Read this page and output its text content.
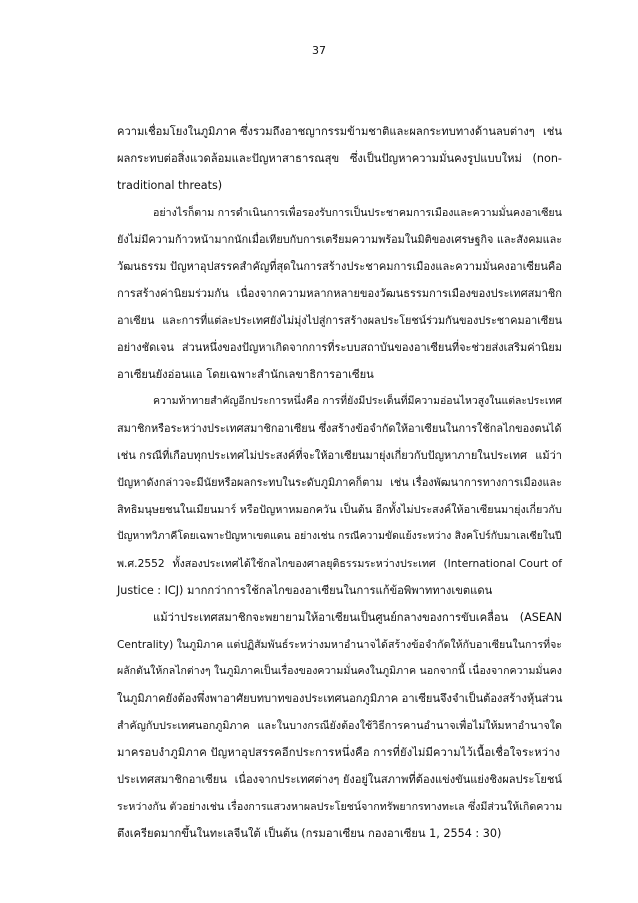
37
ความเชื่อมโยงในภูมิภาค ซึ่งรวมถึงอาชญากรรมข้ามชาติและผลกระทบทางด้านลบต่างๆ เช่น
ผลกระทบต่อสิ่งแวดล้อมและปัญหาสาธารณสุข ซึ่งเป็นปัญหาความมั่นคงรูปแบบใหม่ (non-
traditional threats)
อย่างไรก็ตาม การดำเนินการเพื่อรองรับการเป็นประชาคมการเมืองและความมั่นคงอาเซียน
ยังไม่มีความก้าวหน้ามากนักเมื่อเทียบกับการเตรียมความพร้อมในมิติของเศรษฐกิจ และสังคมและ
วัฒนธรรม ปัญหาอุปสรรคสำคัญที่สุดในการสร้างประชาคมการเมืองและความมั่นคงอาเซียนคือ
การสร้างค่านิยมร่วมกัน เนื่องจากความหลากหลายของวัฒนธรรมการเมืองของประเทศสมาชิก
อาเซียน และการที่แต่ละประเทศยังไม่มุ่งไปสู่การสร้างผลประโยชน์ร่วมกันของประชาคมอาเซียน
อย่างชัดเจน ส่วนหนึ่งของปัญหาเกิดจากการที่ระบบสถาบันของอาเซียนที่จะช่วยส่งเสริมค่านิยม
อาเซียนยังอ่อนแอ โดยเฉพาะสำนักเลขาธิการอาเซียน
ความท้าทายสำคัญอีกประการหนึ่งคือ การที่ยังมีประเด็นที่มีความอ่อนไหวสูงในแต่ละประเทศ
สมาชิกหรือระหว่างประเทศสมาชิกอาเซียน ซึ่งสร้างข้อจำกัดให้อาเซียนในการใช้กลไกของตนได้
เช่น กรณีที่เกือบทุกประเทศไม่ประสงค์ที่จะให้อาเซียนมายุ่งเกี่ยวกับปัญหาภายในประเทศ แม้ว่า
ปัญหาดังกล่าวจะมีนัยหรือผลกระทบในระดับภูมิภาคก็ตาม เช่น เรื่องพัฒนาการทางการเมืองและ
สิทธิมนุษยชนในเมียนมาร์ หรือปัญหาหมอกควัน เป็นต้น อีกทั้งไม่ประสงค์ให้อาเซียนมายุ่งเกี่ยวกับ
ปัญหาทวิภาคีโดยเฉพาะปัญหาเขตแดน อย่างเช่น กรณีความขัดแย้งระหว่าง สิงคโปร์กับมาเลเซียในปี
พ.ศ.2552 ทั้งสองประเทศได้ใช้กลไกของศาลยุติธรรมระหว่างประเทศ (International Court of
Justice : ICJ) มากกว่าการใช้กลไกของอาเซียนในการแก้ข้อพิพาททางเขตแดน
แม้ว่าประเทศสมาชิกจะพยายามให้อาเซียนเป็นศูนย์กลางของการขับเคลื่อน (ASEAN
Centrality) ในภูมิภาค แต่ปฏิสัมพันธ์ระหว่างมหาอำนาจได้สร้างข้อจำกัดให้กับอาเซียนในการที่จะ
ผลักดันให้กลไกต่างๆ ในภูมิภาคเป็นเรื่องของความมั่นคงในภูมิภาค นอกจากนี้ เนื่องจากความมั่นคง
ในภูมิภาคยังต้องพึ่งพาอาศัยบทบาทของประเทศนอกภูมิภาค อาเซียนจึงจำเป็นต้องสร้างหุ้นส่วน
สำคัญกับประเทศนอกภูมิภาค และในบางกรณียังต้องใช้วิธีการคานอำนาจเพื่อไม่ให้มหาอำนาจใด
มาครอบงำภูมิภาค ปัญหาอุปสรรคอีกประการหนึ่งคือ การที่ยังไม่มีความไว้เนื้อเชื่อใจระหว่าง
ประเทศสมาชิกอาเซียน เนื่องจากประเทศต่างๆ ยังอยู่ในสภาพที่ต้องแข่งขันแย่งชิงผลประโยชน์
ระหว่างกัน ตัวอย่างเช่น เรื่องการแสวงหาผลประโยชน์จากทรัพยากรทางทะเล ซึ่งมีส่วนให้เกิดความ
ตึงเครียดมากขึ้นในทะเลจีนใต้ เป็นต้น (กรมอาเซียน กองอาเซียน 1, 2554 : 30)
